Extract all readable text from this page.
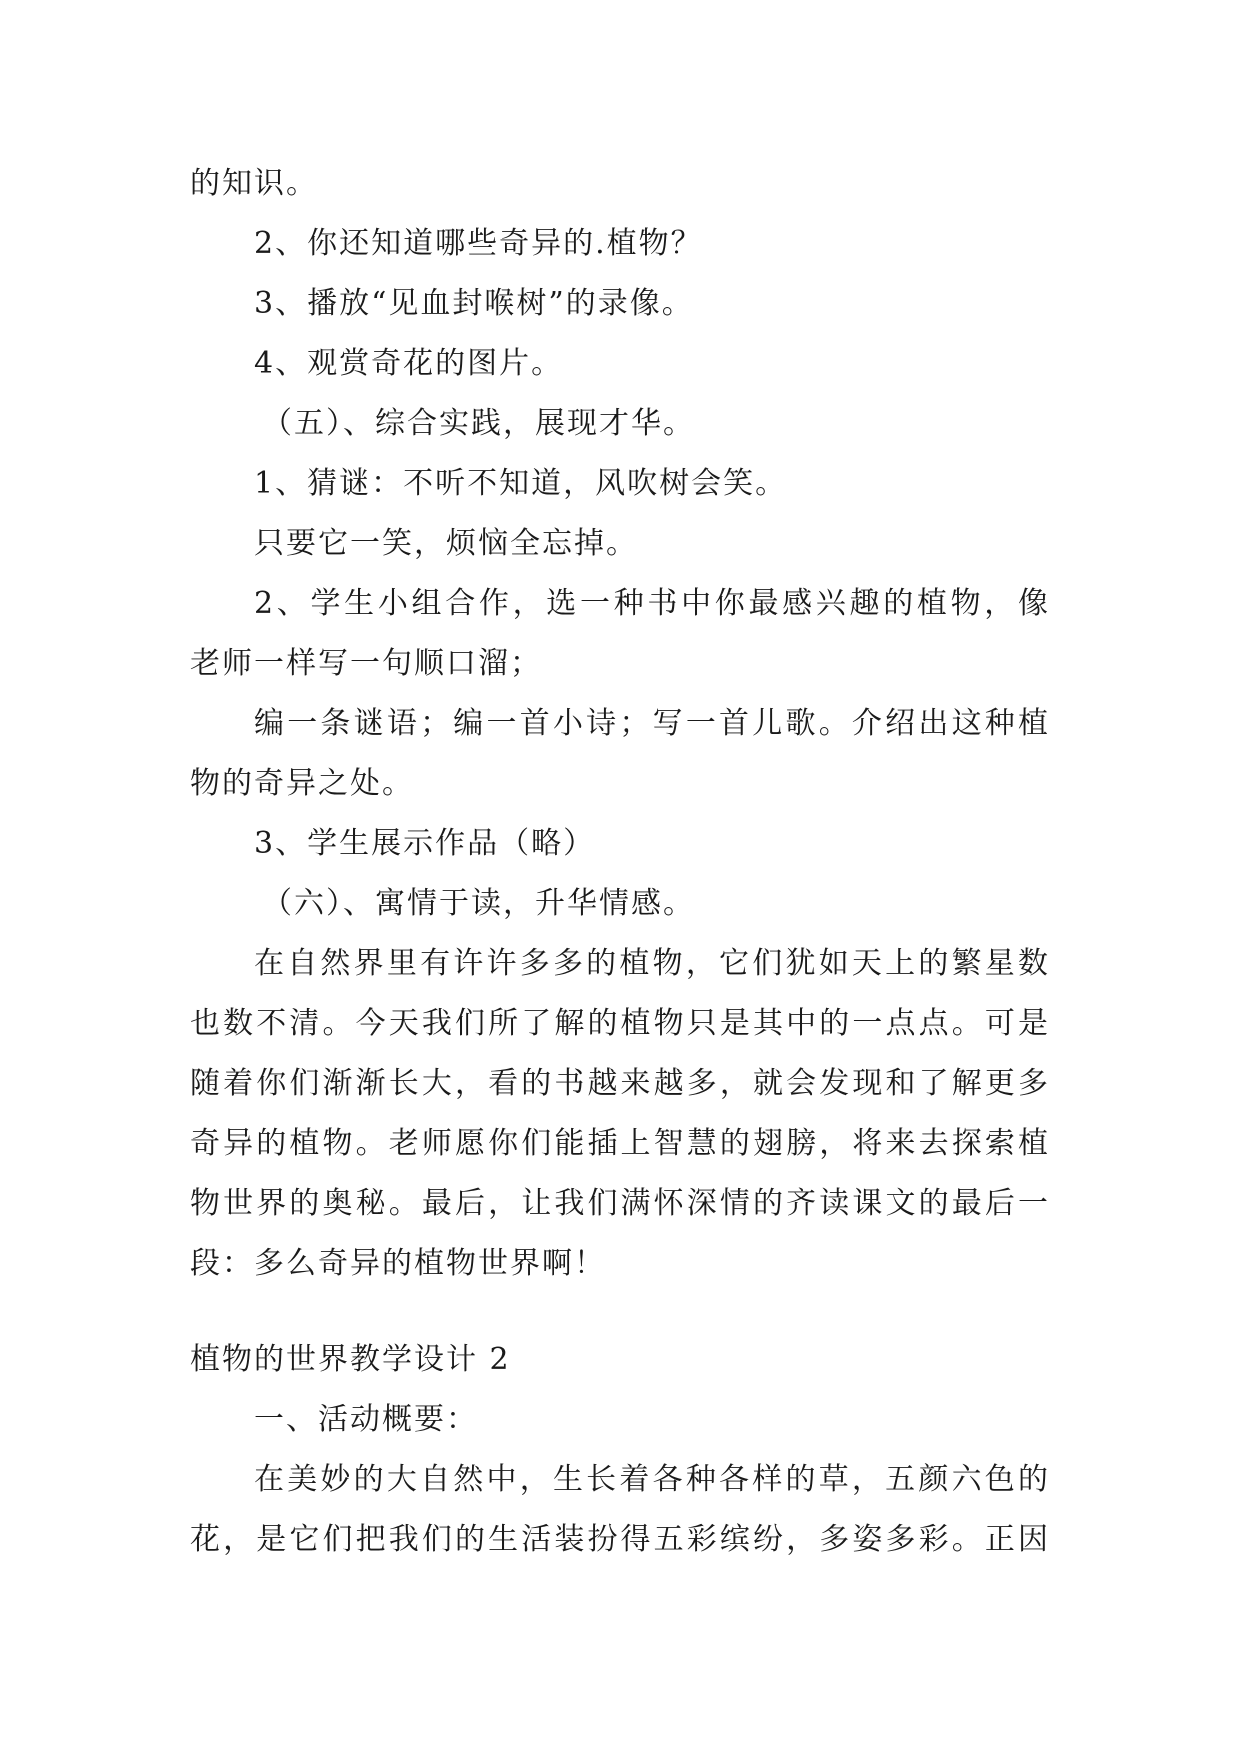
的知识。
2、你还知道哪些奇异的.植物？
3、播放“见血封喉树”的录像。
4、观赏奇花的图片。
（五）、综合实践，展现才华。
1、猜谜：不听不知道，风吹树会笑。
只要它一笑，烦恼全忘掉。
2、学生小组合作，选一种书中你最感兴趣的植物，像
老师一样写一句顺口溜；
编一条谜语；编一首小诗；写一首儿歌。介绍出这种植
物的奇异之处。
3、学生展示作品（略）
（六）、寓情于读，升华情感。
在自然界里有许许多多的植物，它们犹如天上的繁星数
也数不清。今天我们所了解的植物只是其中的一点点。可是
随着你们渐渐长大，看的书越来越多，就会发现和了解更多
奇异的植物。老师愿你们能插上智慧的翅膀，将来去探索植
物世界的奥秘。最后，让我们满怀深情的齐读课文的最后一
段：多么奇异的植物世界啊！
植物的世界教学设计 2
一、活动概要：
在美妙的大自然中，生长着各种各样的草，五颜六色的
花，是它们把我们的生活装扮得五彩缤纷，多姿多彩。正因
